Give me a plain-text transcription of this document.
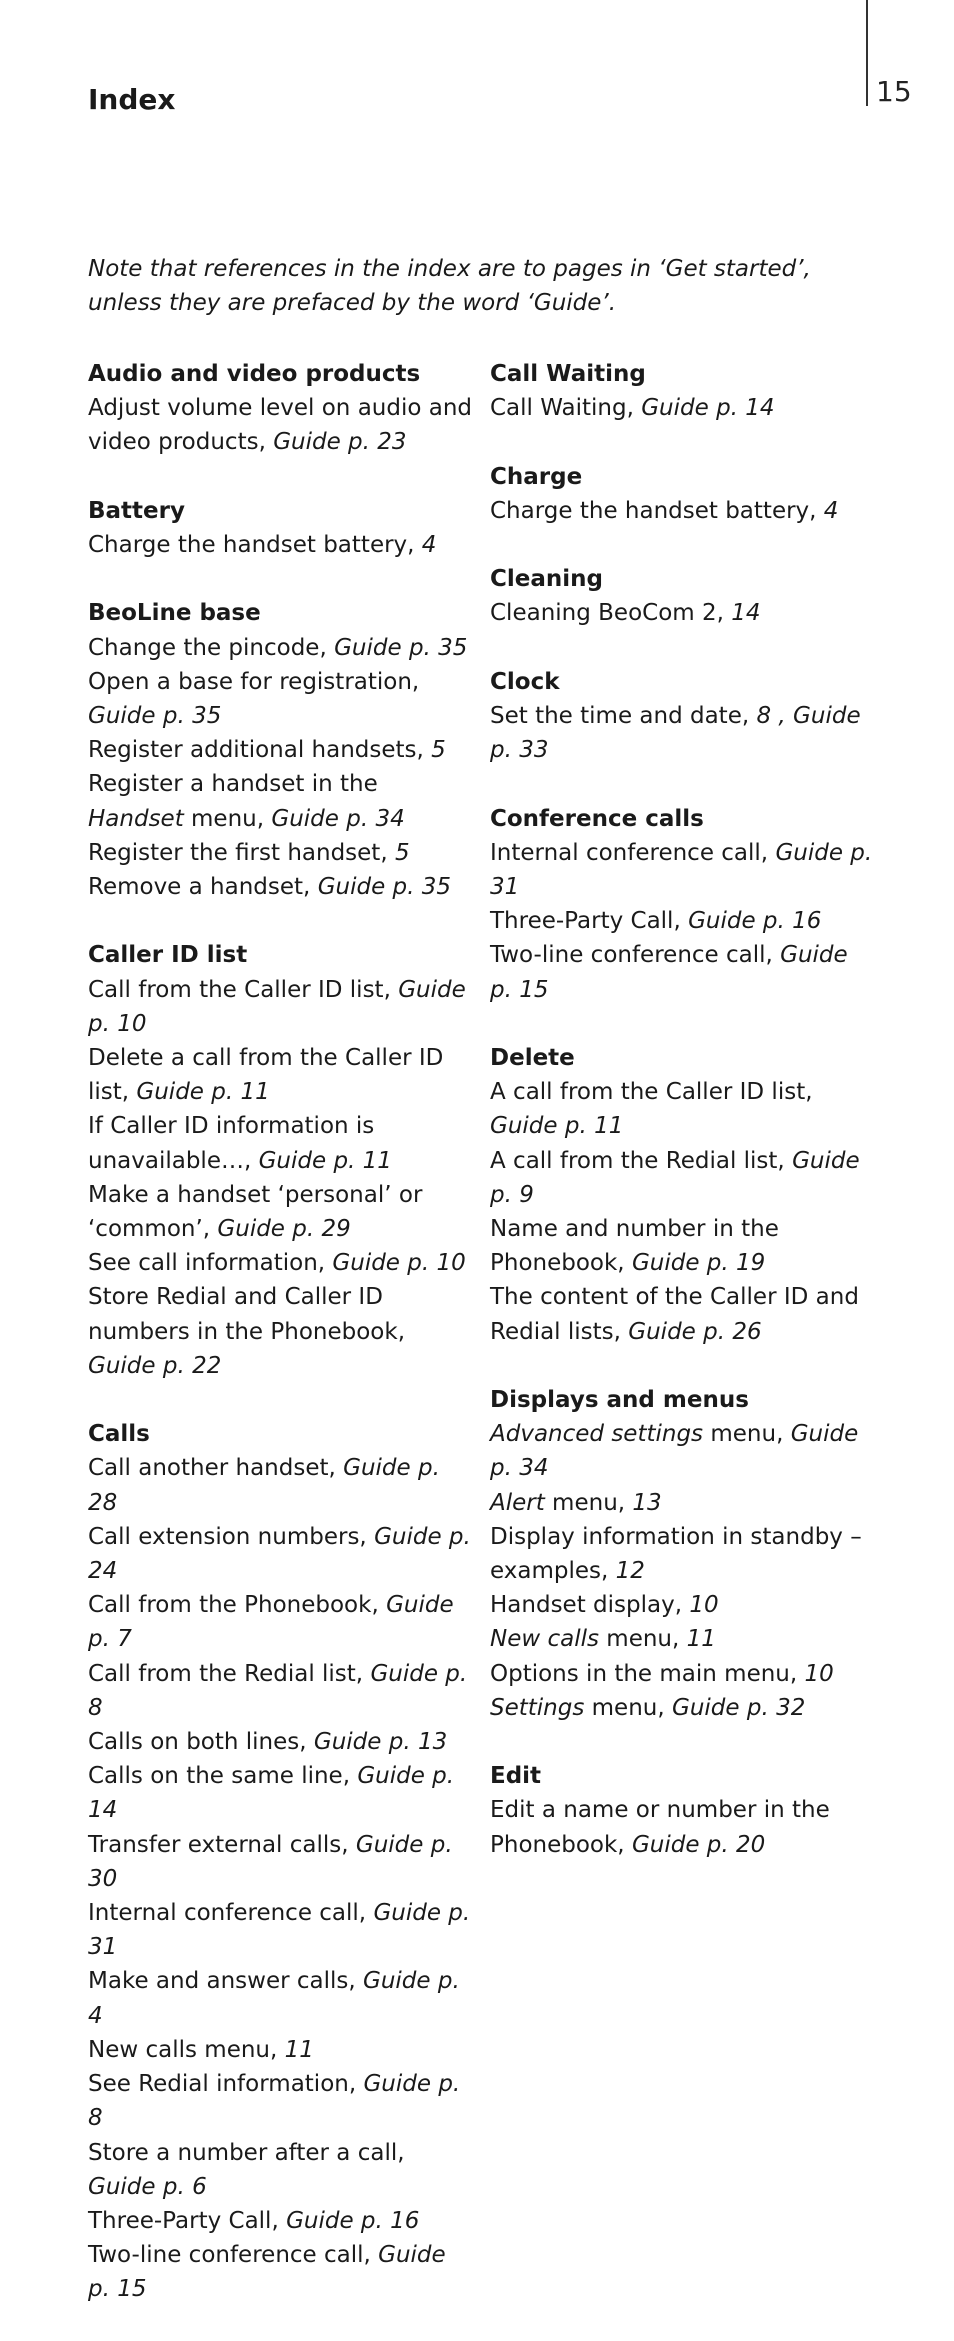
15
Index
Note that references in the index are to pages in ‘Get started’, unless they are prefaced by the word ‘Guide’.
Audio and video products
Adjust volume level on audio and video products, Guide p. 23
Battery
Charge the handset battery, 4
BeoLine base
Change the pincode, Guide p. 35
Open a base for registration, Guide p. 35
Register additional handsets, 5
Register a handset in the Handset menu, Guide p. 34
Register the first handset, 5
Remove a handset, Guide p. 35
Caller ID list
Call from the Caller ID list, Guide p. 10
Delete a call from the Caller ID list, Guide p. 11
If Caller ID information is unavailable…, Guide p. 11
Make a handset ‘personal’ or ‘common’, Guide p. 29
See call information, Guide p. 10
Store Redial and Caller ID numbers in the Phonebook, Guide p. 22
Calls
Call another handset, Guide p. 28
Call extension numbers, Guide p. 24
Call from the Phonebook, Guide p. 7
Call from the Redial list, Guide p. 8
Calls on both lines, Guide p. 13
Calls on the same line, Guide p. 14
Transfer external calls, Guide p. 30
Internal conference call, Guide p. 31
Make and answer calls, Guide p. 4
New calls menu, 11
See Redial information, Guide p. 8
Store a number after a call, Guide p. 6
Three-Party Call, Guide p. 16
Two-line conference call, Guide p. 15
Call Waiting
Call Waiting, Guide p. 14
Charge
Charge the handset battery, 4
Cleaning
Cleaning BeoCom 2, 14
Clock
Set the time and date, 8 , Guide p. 33
Conference calls
Internal conference call, Guide p. 31
Three-Party Call, Guide p. 16
Two-line conference call, Guide p. 15
Delete
A call from the Caller ID list, Guide p. 11
A call from the Redial list, Guide p. 9
Name and number in the Phonebook, Guide p. 19
The content of the Caller ID and Redial lists, Guide p. 26
Displays and menus
Advanced settings menu, Guide p. 34
Alert menu, 13
Display information in standby – examples, 12
Handset display, 10
New calls menu, 11
Options in the main menu, 10
Settings menu, Guide p. 32
Edit
Edit a name or number in the Phonebook, Guide p. 20
